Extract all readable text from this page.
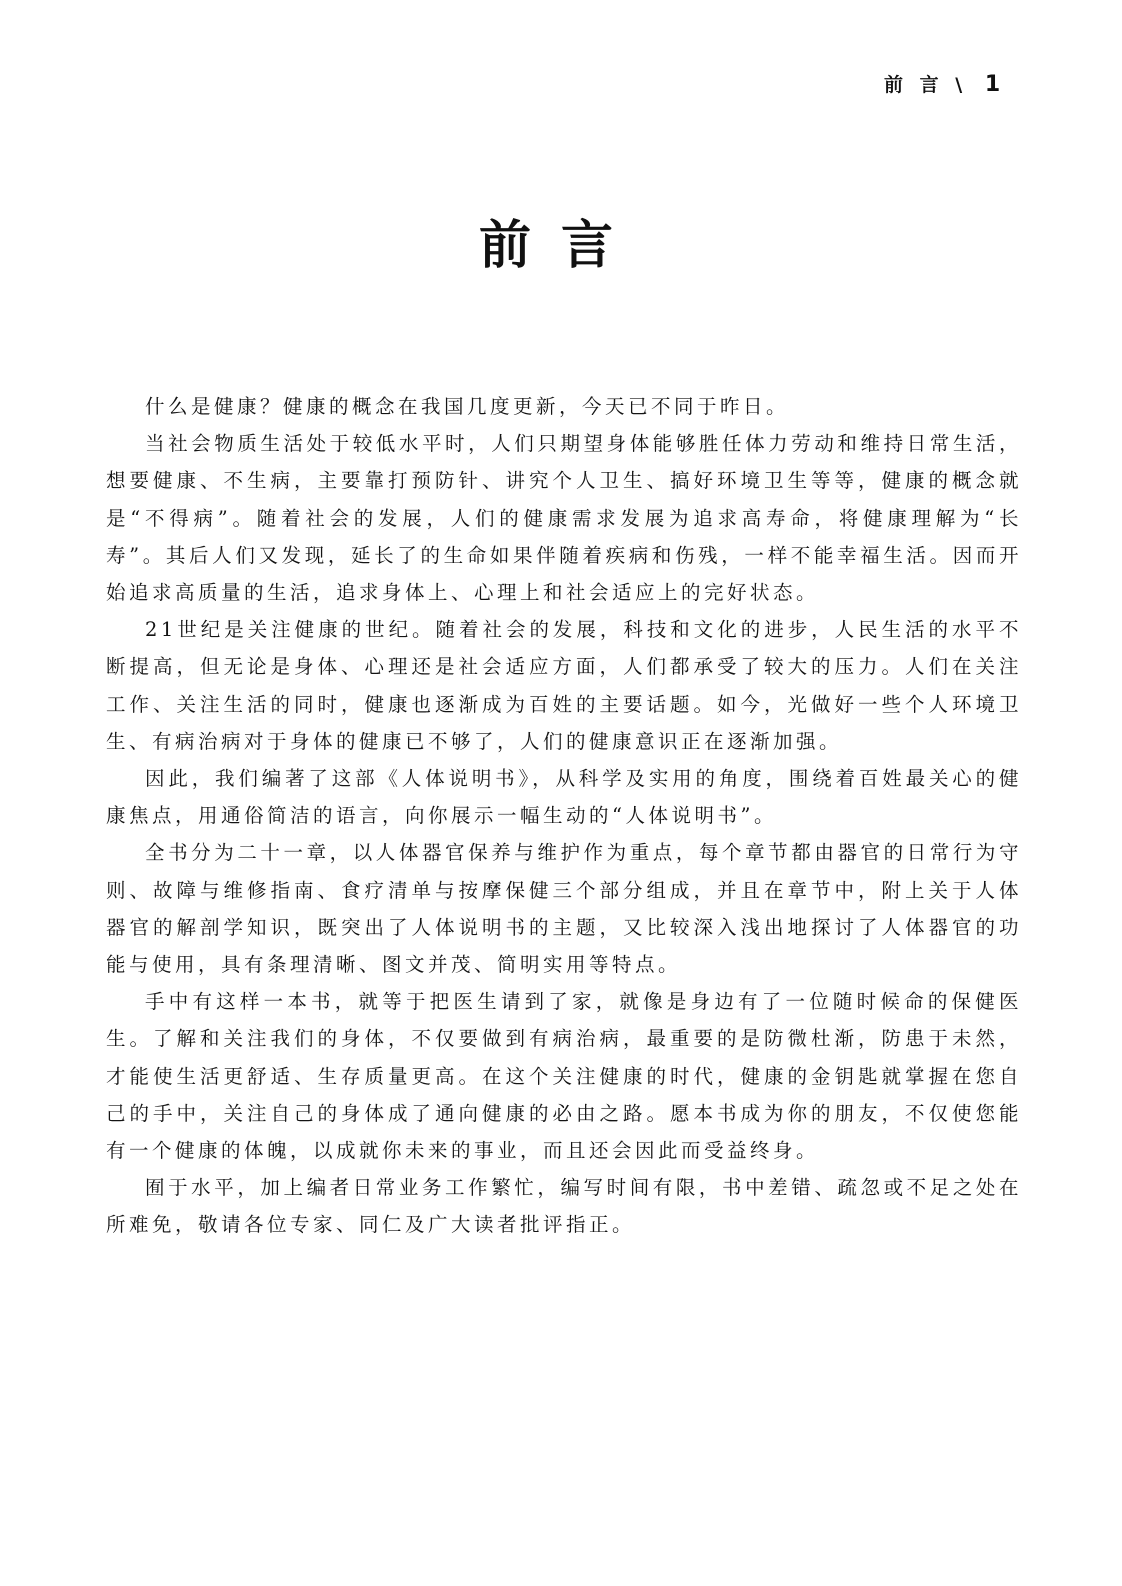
前 言 \ 1
前言

什么是健康？健康的概念在我国几度更新，今天已不同于昨日。

当社会物质生活处于较低水平时，人们只期望身体能够胜任体力劳动和维持日常生活，想要健康、不生病，主要靠打预防针、讲究个人卫生、搞好环境卫生等等，健康的概念就是“不得病”。随着社会的发展，人们的健康需求发展为追求高寿命，将健康理解为“长寿”。其后人们又发现，延长了的生命如果伴随着疾病和伤残，一样不能幸福生活。因而开始追求高质量的生活，追求身体上、心理上和社会适应上的完好状态。

21世纪是关注健康的世纪。随着社会的发展，科技和文化的进步，人民生活的水平不断提高，但无论是身体、心理还是社会适应方面，人们都承受了较大的压力。人们在关注工作、关注生活的同时，健康也逐渐成为百姓的主要话题。如今，光做好一些个人环境卫生、有病治病对于身体的健康已不够了，人们的健康意识正在逐渐加强。

因此，我们编著了这部《人体说明书》，从科学及实用的角度，围绕着百姓最关心的健康焦点，用通俗简洁的语言，向你展示一幅生动的“人体说明书”。

全书分为二十一章，以人体器官保养与维护作为重点，每个章节都由器官的日常行为守则、故障与维修指南、食疗清单与按摩保健三个部分组成，并且在章节中，附上关于人体器官的解剖学知识，既突出了人体说明书的主题，又比较深入浅出地探讨了人体器官的功能与使用，具有条理清晰、图文并茂、简明实用等特点。

手中有这样一本书，就等于把医生请到了家，就像是身边有了一位随时候命的保健医生。了解和关注我们的身体，不仅要做到有病治病，最重要的是防微杜渐，防患于未然，才能使生活更舒适、生存质量更高。在这个关注健康的时代，健康的金钥匙就掌握在您自己的手中，关注自己的身体成了通向健康的必由之路。愿本书成为你的朋友，不仅使您能有一个健康的体魄，以成就你未来的事业，而且还会因此而受益终身。

囿于水平，加上编者日常业务工作繁忙，编写时间有限，书中差错、疏忽或不足之处在所难免，敬请各位专家、同仁及广大读者批评指正。
